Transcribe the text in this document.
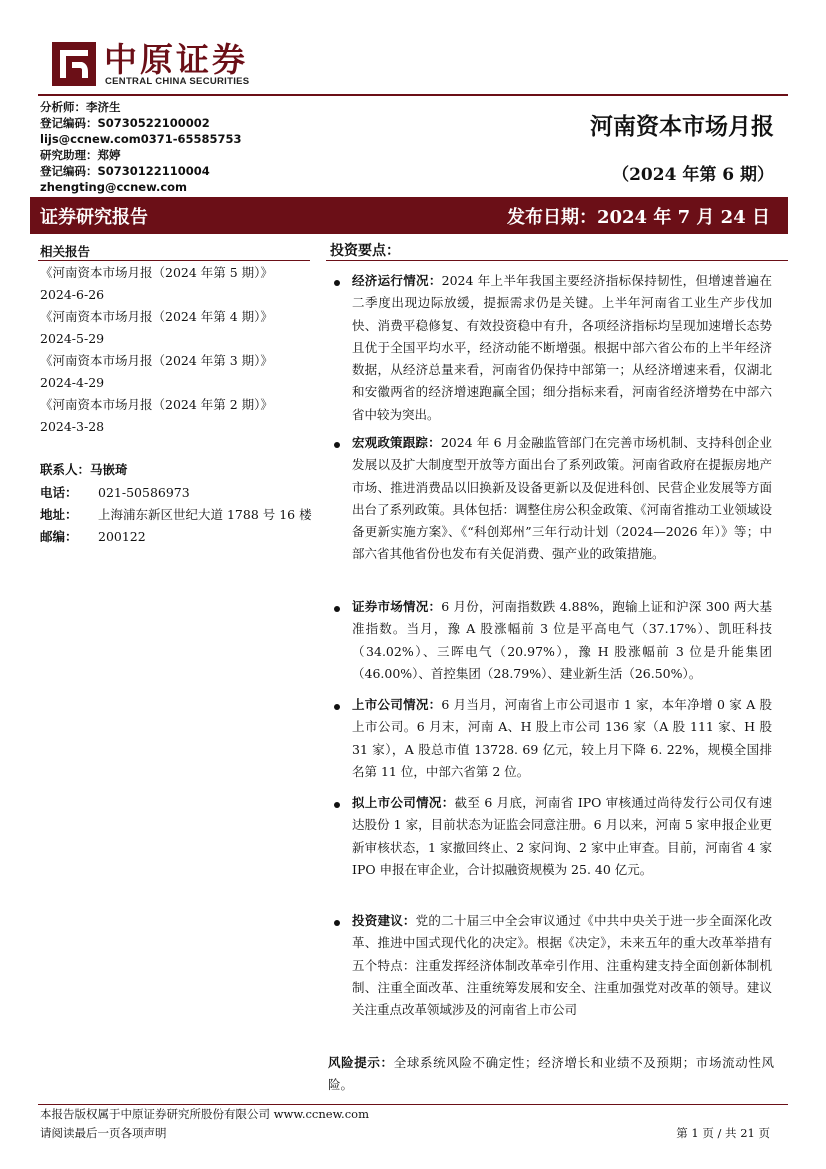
中原证券
CENTRAL CHINA SECURITIES
分析师：李济生
登记编码：S0730522100002
lijs@ccnew.com0371-65585753
研究助理：郑婷
登记编码：S0730122110004
zhengting@ccnew.com
河南资本市场月报
（2024 年第 6 期）
证券研究报告	发布日期：2024 年 7 月 24 日
相关报告
《河南资本市场月报（2024 年第 5 期）》
2024-6-26
《河南资本市场月报（2024 年第 4 期）》
2024-5-29
《河南资本市场月报（2024 年第 3 期）》
2024-4-29
《河南资本市场月报（2024 年第 2 期）》
2024-3-28
联系人：马嵌琦
电话： 021-50586973
地址： 上海浦东新区世纪大道 1788 号 16 楼
邮编： 200122
投资要点：
经济运行情况：2024 年上半年我国主要经济指标保持韧性，但增速普遍在二季度出现边际放缓，提振需求仍是关键。上半年河南省工业生产步伐加快、消费平稳修复、有效投资稳中有升，各项经济指标均呈现加速增长态势且优于全国平均水平，经济动能不断增强。根据中部六省公布的上半年经济数据，从经济总量来看，河南省仍保持中部第一；从经济增速来看，仅湖北和安徽两省的经济增速跑赢全国；细分指标来看，河南省经济增势在中部六省中较为突出。
宏观政策跟踪：2024 年 6 月金融监管部门在完善市场机制、支持科创企业发展以及扩大制度型开放等方面出台了系列政策。河南省政府在提振房地产市场、推进消费品以旧换新及设备更新以及促进科创、民营企业发展等方面出台了系列政策。具体包括：调整住房公积金政策、《河南省推动工业领域设备更新实施方案》、《“科创郑州”三年行动计划（2024—2026 年）》等；中部六省其他省份也发布有关促消费、强产业的政策措施。
证券市场情况：6 月份，河南指数跌 4.88%，跑输上证和沪深 300 两大基准指数。当月，豫 A 股涨幅前 3 位是平高电气（37.17%）、凯旺科技（34.02%）、三晖电气（20.97%），豫 H 股涨幅前 3 位是升能集团（46.00%）、首控集团（28.79%）、建业新生活（26.50%）。
上市公司情况：6 月当月，河南省上市公司退市 1 家，本年净增 0 家 A 股上市公司。6 月末，河南 A、H 股上市公司 136 家（A 股 111 家、H 股 31 家），A 股总市值 13728. 69 亿元，较上月下降 6. 22%，规模全国排名第 11 位，中部六省第 2 位。
拟上市公司情况：截至 6 月底，河南省 IPO 审核通过尚待发行公司仅有速达股份 1 家，目前状态为证监会同意注册。6 月以来，河南 5 家申报企业更新审核状态，1 家撤回终止、2 家问询、2 家中止审查。目前，河南省 4 家 IPO 申报在审企业，合计拟融资规模为 25. 40 亿元。
投资建议：党的二十届三中全会审议通过《中共中央关于进一步全面深化改革、推进中国式现代化的决定》。根据《决定》，未来五年的重大改革举措有五个特点：注重发挥经济体制改革牵引作用、注重构建支持全面创新体制机制、注重全面改革、注重统筹发展和安全、注重加强党对改革的领导。建议关注重点改革领域涉及的河南省上市公司
风险提示：全球系统风险不确定性；经济增长和业绩不及预期；市场流动性风险。
本报告版权属于中原证券研究所股份有限公司 www.ccnew.com
请阅读最后一页各项声明	第 1 页 / 共 21 页
